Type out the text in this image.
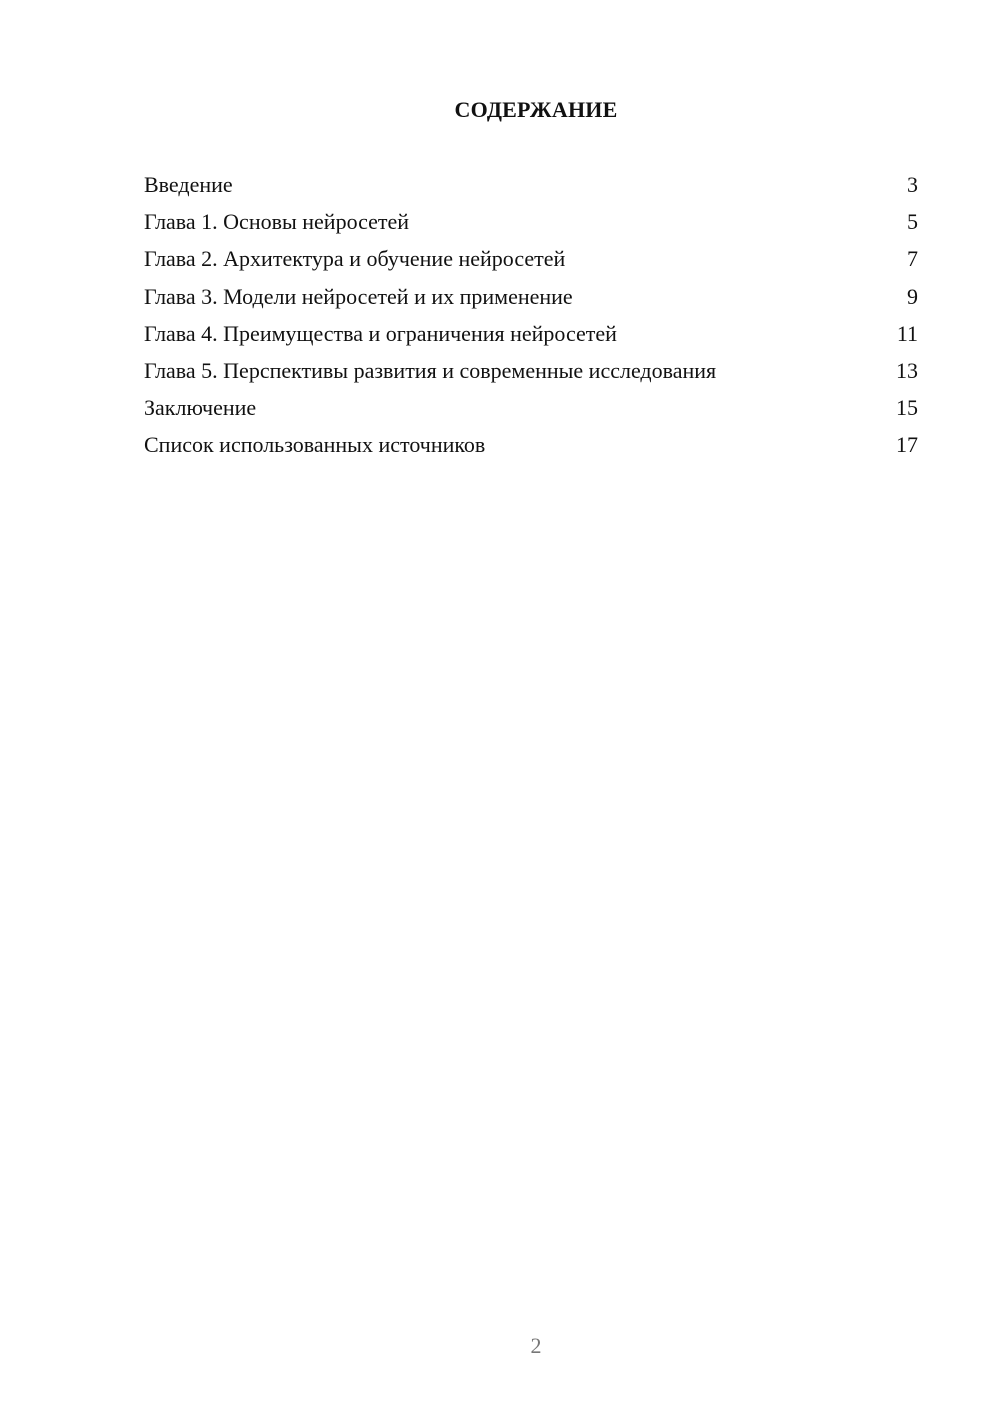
СОДЕРЖАНИЕ
Введение	3
Глава 1. Основы нейросетей	5
Глава 2. Архитектура и обучение нейросетей	7
Глава 3. Модели нейросетей и их применение	9
Глава 4. Преимущества и ограничения нейросетей	11
Глава 5. Перспективы развития и современные исследования	13
Заключение	15
Список использованных источников	17
2
